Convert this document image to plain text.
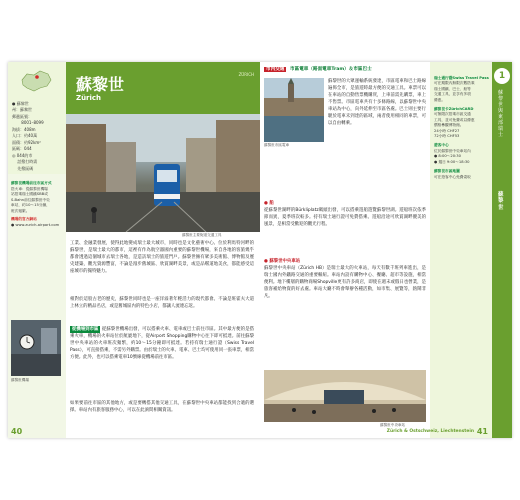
● 蘇黎世
州：蘇黎世
郵遞區號：
　　 8001–8099
海拔：408m
人口：約40萬
面積：約92km²
區碼：044
◎ 044的市
　 話撥打時需
　 先撥區碼
蘇黎世
Zürich
ZÜRICH
蘇黎世主要街道交通工具
蘇黎世機場前往市區方式
搭火車：從蘇黎世機場
站搭乘瑞士國鐵SBB或
S-Bahn前往蘇黎世中央
車站，約10～15分鐘，
班次頻繁。
機場的官方網站
● www.zurich-airport.com
蘇黎世機場
工業、金融業發展，使得此地變成瑞士最大城市，同時也是文化藝術中心。位於利馬特河畔的蘇黎世，是瑞士最大的都市，這裡有作為航空器國內重要的蘇黎世機場，來自各地的客旅幾乎都會透過這個城市去瑞士各地，是造訪瑞士的旅遊門戶。蘇黎世擁有眾多美術館、博物館及歷史建築，觀光資源豐富，不論是漫步舊城區、欣賞湖畔美景，或是品嚐道地美食，都能感受這座城市的獨特魅力。
相對於這股古老的歷史，蘇黎世同時也是一座洋溢著年輕活力的現代都會。不論是班霍夫大道上林立的精品名店，或是舊城區內的特色小店，都讓人流連忘返。
從機場到市區 從蘇黎世機場出發，可以搭乘火車、電車或巴士前往市區。其中最方便的是搭乘火車，機場的火車站位於航廈地下，從Airport Shopping購物中心往下即可抵達。前往蘇黎世中央車站的火車班次頻繁，約10～15分鐘即可抵達。若持有瑞士通行證（Swiss Travel Pass），可直接搭乘，不需另外購票。由於瑞士的火車、電車、巴士均可使用同一張車票，相當方便。此外，也可以搭乘電車10號線從機場前往市區。
如果要前往市區的其他地方，或是要轉搭其他交通工具，在蘇黎世中央車站都能找到合適的選擇。車站內有旅客服務中心，可以在此詢問相關資訊。
40
市內交通 市區電車（路面電車Tram）＆市區巴士
蘇黎世市區電車
蘇黎世的大眾運輸系統發達，市區電車和巴士路線遍佈全市，是旅遊時最方便的交通工具。車票可以在車站的自動售票機購買，上車前需先購票，車上不售票。市區電車共有十多條路線，以蘇黎世中央車站為中心，向外延伸至市區各處。巴士則主要行駛於電車未到達的區域，兩者使用相同的車票，可以自由轉乘。
● 船
從蘇黎世湖畔的Bürkliplatz碼頭出發，可以搭乘遊船遊覽蘇黎世湖。遊船班次依季節而異，夏季班次較多。持有瑞士通行證可免費搭乘。遊船沿途可欣賞湖畔優美的風景，是相當受歡迎的觀光行程。
● 蘇黎世中央車站
蘇黎世中央車站（Zürich HB）是瑞士最大的火車站，每天有數千班列車進出，是瑞士國內外鐵路交通的重要樞紐。車站內設有購物中心、餐廳、超市等設施，相當便利。地下樓層的購物商場Shopville更有許多商店，即使在週末或假日也營業，是旅客補給物資的好去處。車站大廳不時會舉辦各種活動，如市集、展覽等，熱鬧非凡。
蘇黎世中央車站
瑞士通行證Swiss Travel Pass
可在期限內無限次數搭乘
瑞士國鐵、巴士、船等
交通工具，並享有多項
優惠。
蘇黎世卡ZürichCARD
可無限次搭乘市區交通
工具，並可免費或以優惠
價格參觀博物館。
24小時 CHF27
72小時 CHF53
遊客中心
位於蘇黎世中央車站內
● 8:00～20:30
● 週日 9:00～18:30
蘇黎世市區地圖
可在遊客中心免費索取
1
蘇黎世與東部瑞士
蘇黎世
Zürich & Ostschweiz, Liechtenstein 41
